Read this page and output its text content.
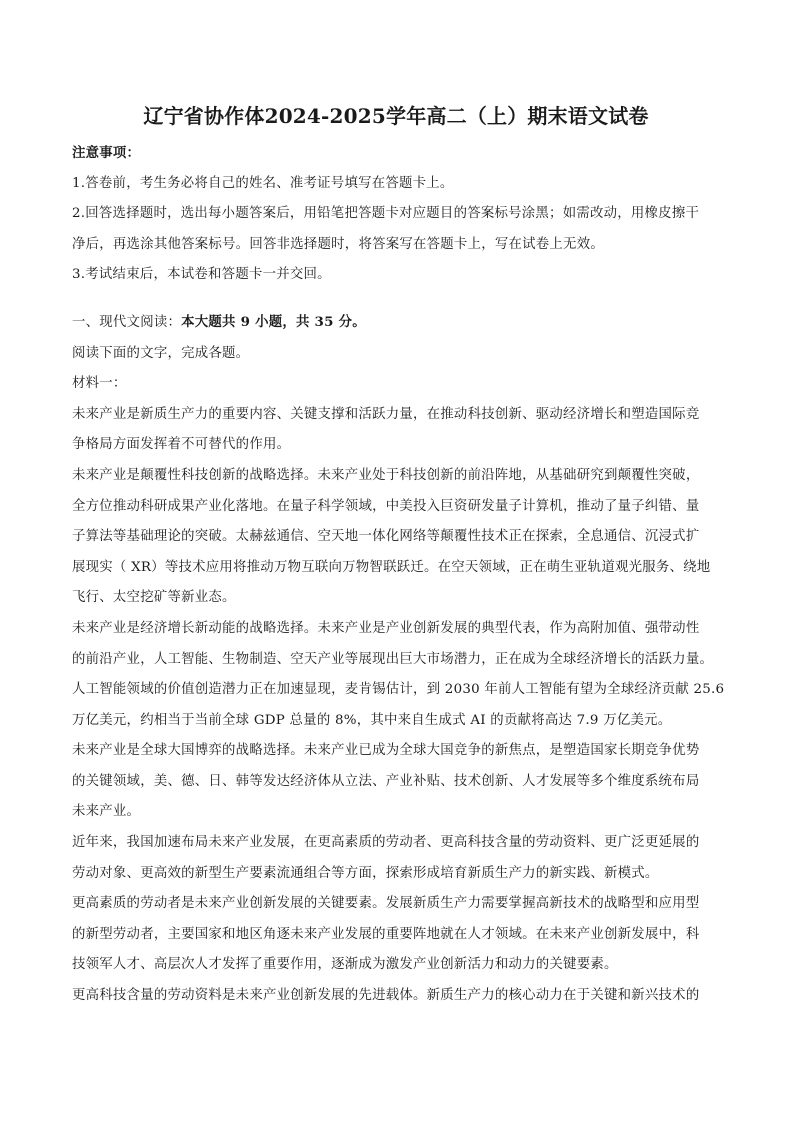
辽宁省协作体2024-2025学年高二（上）期末语文试卷
注意事项：
1.答卷前，考生务必将自己的姓名、准考证号填写在答题卡上。
2.回答选择题时，选出每小题答案后，用铅笔把答题卡对应题目的答案标号涂黑；如需改动，用橡皮擦干
净后，再选涂其他答案标号。回答非选择题时，将答案写在答题卡上，写在试卷上无效。
3.考试结束后，本试卷和答题卡一并交回。
一、现代文阅读：本大题共 9 小题，共 35 分。
阅读下面的文字，完成各题。
材料一：
未来产业是新质生产力的重要内容、关键支撑和活跃力量，在推动科技创新、驱动经济增长和塑造国际竞
争格局方面发挥着不可替代的作用。
未来产业是颠覆性科技创新的战略选择。未来产业处于科技创新的前沿阵地，从基础研究到颠覆性突破，
全方位推动科研成果产业化落地。在量子科学领域，中美投入巨资研发量子计算机，推动了量子纠错、量
子算法等基础理论的突破。太赫兹通信、空天地一体化网络等颠覆性技术正在探索，全息通信、沉浸式扩
展现实（ XR）等技术应用将推动万物互联向万物智联跃迁。在空天领域，正在萌生亚轨道观光服务、绕地
飞行、太空挖矿等新业态。
未来产业是经济增长新动能的战略选择。未来产业是产业创新发展的典型代表，作为高附加值、强带动性
的前沿产业，人工智能、生物制造、空天产业等展现出巨大市场潜力，正在成为全球经济增长的活跃力量。
人工智能领域的价值创造潜力正在加速显现，麦肯锡估计，到 2030 年前人工智能有望为全球经济贡献 25.6
万亿美元，约相当于当前全球 GDP 总量的 8%，其中来自生成式 AI 的贡献将高达 7.9 万亿美元。
未来产业是全球大国博弈的战略选择。未来产业已成为全球大国竞争的新焦点，是塑造国家长期竞争优势
的关键领域，美、德、日、韩等发达经济体从立法、产业补贴、技术创新、人才发展等多个维度系统布局
未来产业。
近年来，我国加速布局未来产业发展，在更高素质的劳动者、更高科技含量的劳动资料、更广泛更延展的
劳动对象、更高效的新型生产要素流通组合等方面，探索形成培育新质生产力的新实践、新模式。
更高素质的劳动者是未来产业创新发展的关键要素。发展新质生产力需要掌握高新技术的战略型和应用型
的新型劳动者，主要国家和地区角逐未来产业发展的重要阵地就在人才领域。在未来产业创新发展中，科
技领军人才、高层次人才发挥了重要作用，逐渐成为激发产业创新活力和动力的关键要素。
更高科技含量的劳动资料是未来产业创新发展的先进载体。新质生产力的核心动力在于关键和新兴技术的
